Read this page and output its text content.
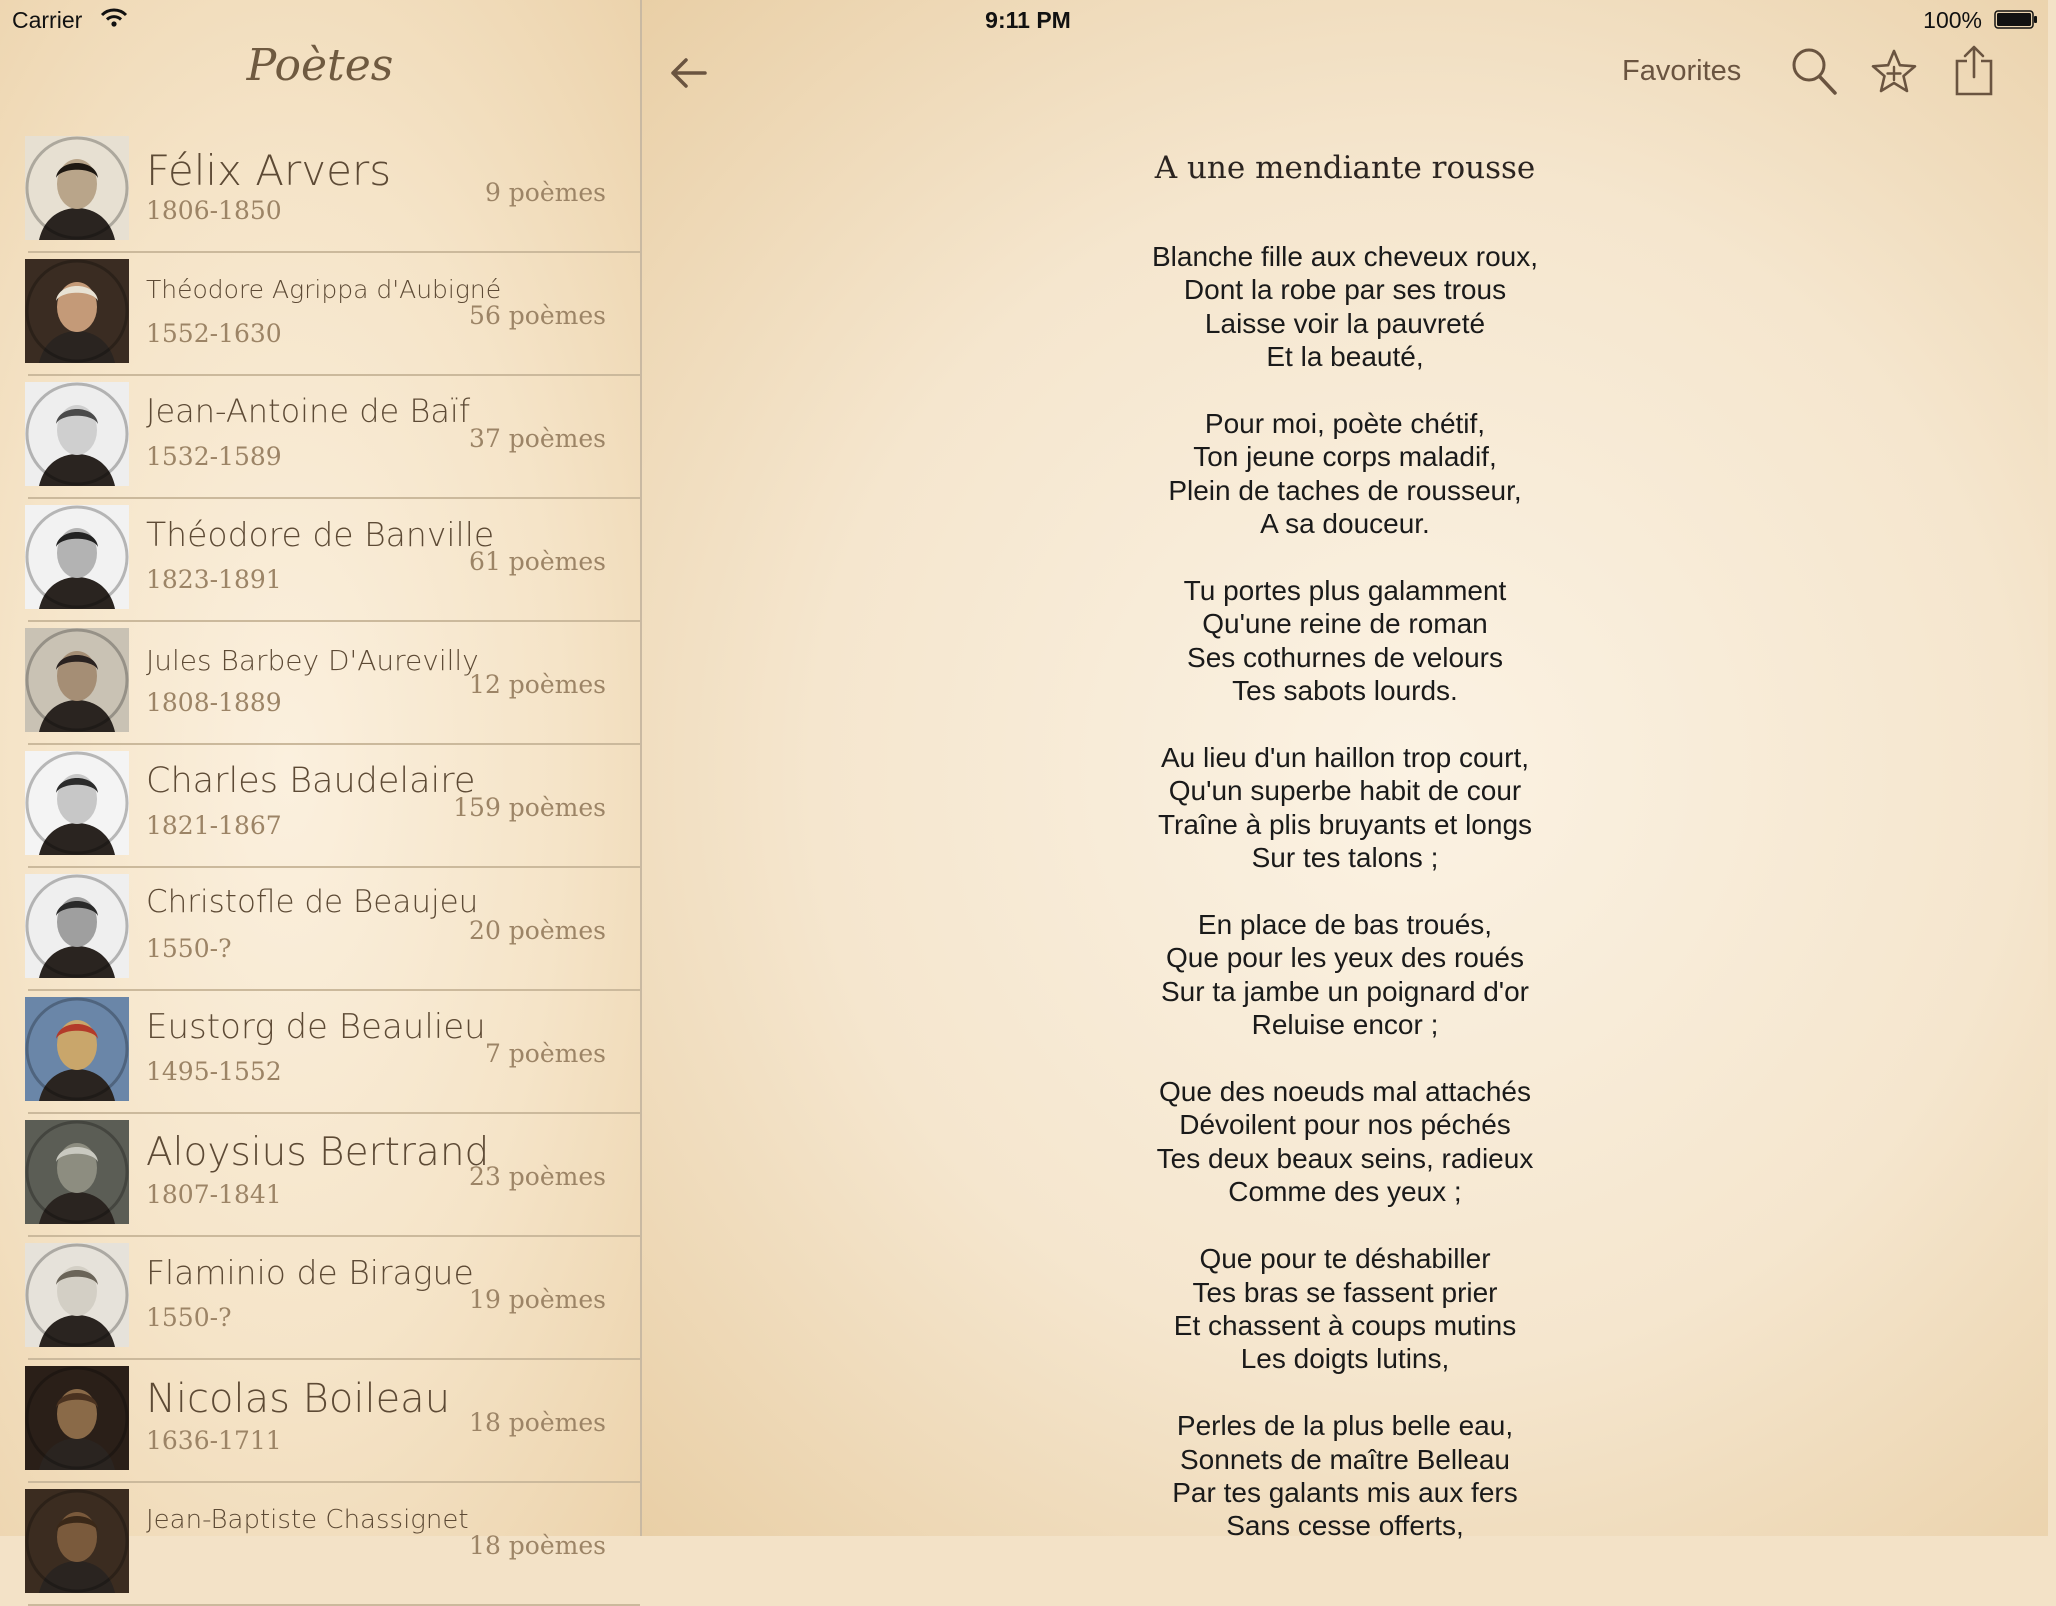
Carrier	9:11 PM	100%
Poètes
Félix Arvers
1806-1850
9 poèmes
Théodore Agrippa d'Aubigné
1552-1630
56 poèmes
Jean-Antoine de Baïf
1532-1589
37 poèmes
Théodore de Banville
1823-1891
61 poèmes
Jules Barbey D'Aurevilly
1808-1889
12 poèmes
Charles Baudelaire
1821-1867
159 poèmes
Christofle de Beaujeu
1550-?
20 poèmes
Eustorg de Beaulieu
1495-1552
7 poèmes
Aloysius Bertrand
1807-1841
23 poèmes
Flaminio de Birague
1550-?
19 poèmes
Nicolas Boileau
1636-1711
18 poèmes
Jean-Baptiste Chassignet
18 poèmes
Favorites
A une mendiante rousse
Blanche fille aux cheveux roux,
Dont la robe par ses trous
Laisse voir la pauvreté
Et la beauté,
Pour moi, poète chétif,
Ton jeune corps maladif,
Plein de taches de rousseur,
A sa douceur.
Tu portes plus galamment
Qu'une reine de roman
Ses cothurnes de velours
Tes sabots lourds.
Au lieu d'un haillon trop court,
Qu'un superbe habit de cour
Traîne à plis bruyants et longs
Sur tes talons ;
En place de bas troués,
Que pour les yeux des roués
Sur ta jambe un poignard d'or
Reluise encor ;
Que des noeuds mal attachés
Dévoilent pour nos péchés
Tes deux beaux seins, radieux
Comme des yeux ;
Que pour te déshabiller
Tes bras se fassent prier
Et chassent à coups mutins
Les doigts lutins,
Perles de la plus belle eau,
Sonnets de maître Belleau
Par tes galants mis aux fers
Sans cesse offerts,
